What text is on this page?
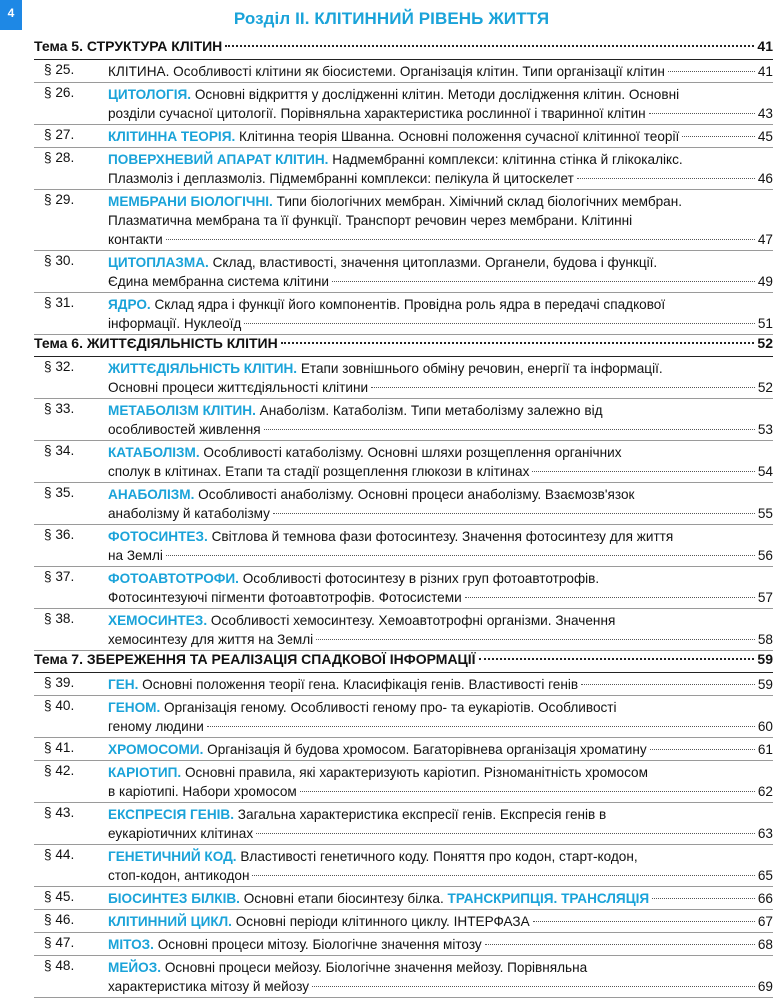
4	Розділ ІІ. КЛІТИННИЙ РІВЕНЬ ЖИТТЯ
Тема 5. СТРУКТУРА КЛІТИН	41
§ 25.	КЛІТИНА. Особливості клітини як біосистеми. Організація клітин. Типи організації клітин	41
§ 26.	ЦИТОЛОГІЯ. Основні відкриття у дослідженні клітин. Методи дослідження клітин. Основні
розділи сучасної цитології. Порівняльна характеристика рослинної і тваринної клітин	43
§ 27.	КЛІТИННА ТЕОРІЯ. Клітинна теорія Шванна. Основні положення сучасної клітинної теорії	45
§ 28.	ПОВЕРХНЕВИЙ АПАРАТ КЛІТИН. Надмембранні комплекси: клітинна стінка й глікокалікс.
Плазмоліз і деплазмоліз. Підмембранні комплекси: пелікула й цитоскелет	46
§ 29.	МЕМБРАНИ БІОЛОГІЧНІ. Типи біологічних мембран. Хімічний склад біологічних мембран.
Плазматична мембрана та її функції. Транспорт речовин через мембрани. Клітинні
контакти	47
§ 30.	ЦИТОПЛАЗМА. Склад, властивості, значення цитоплазми. Органели, будова і функції.
Єдина мембранна система клітини	49
§ 31.	ЯДРО. Склад ядра і функції його компонентів. Провідна роль ядра в передачі спадкової
інформації. Нуклеоїд	51
Тема 6. ЖИТТЄДІЯЛЬНІСТЬ КЛІТИН	52
§ 32.	ЖИТТЄДІЯЛЬНІСТЬ КЛІТИН. Етапи зовнішнього обміну речовин, енергії та інформації.
Основні процеси життєдіяльності клітини	52
§ 33.	МЕТАБОЛІЗМ КЛІТИН. Анаболізм. Катаболізм. Типи метаболізму залежно від
особливостей живлення	53
§ 34.	КАТАБОЛІЗМ. Особливості катаболізму. Основні шляхи розщеплення органічних
сполук в клітинах. Етапи та стадії розщеплення глюкози в клітинах	54
§ 35.	АНАБОЛІЗМ. Особливості анаболізму. Основні процеси анаболізму. Взаємозв'язок
анаболізму й катаболізму	55
§ 36.	ФОТОСИНТЕЗ. Світлова й темнова фази фотосинтезу. Значення фотосинтезу для життя
на Землі	56
§ 37.	ФОТОАВТОТРОФИ. Особливості фотосинтезу в різних груп фотоавтотрофів.
Фотосинтезуючі пігменти фотоавтотрофів. Фотосистеми	57
§ 38.	ХЕМОСИНТЕЗ. Особливості хемосинтезу. Хемоавтотрофні організми. Значення
хемосинтезу для життя на Землі	58
Тема 7. ЗБЕРЕЖЕННЯ ТА РЕАЛІЗАЦІЯ СПАДКОВОЇ ІНФОРМАЦІЇ	59
§ 39.	ГЕН. Основні положення теорії гена. Класифікація генів. Властивості генів	59
§ 40.	ГЕНОМ. Організація геному. Особливості геному про- та еукаріотів. Особливості
геному людини	60
§ 41.	ХРОМОСОМИ. Організація й будова хромосом. Багаторівнева організація хроматину	61
§ 42.	КАРІОТИП. Основні правила, які характеризують каріотип. Різноманітність хромосом
в каріотипі. Набори хромосом	62
§ 43.	ЕКСПРЕСІЯ ГЕНІВ. Загальна характеристика експресії генів. Експресія генів в
еукаріотичних клітинах	63
§ 44.	ГЕНЕТИЧНИЙ КОД. Властивості генетичного коду. Поняття про кодон, старт-кодон,
стоп-кодон, антикодон	65
§ 45.	БІОСИНТЕЗ БІЛКІВ. Основні етапи біосинтезу білка. ТРАНСКРИПЦІЯ. ТРАНСЛЯЦІЯ	66
§ 46.	КЛІТИННИЙ ЦИКЛ. Основні періоди клітинного циклу. ІНТЕРФАЗА	67
§ 47.	МІТОЗ. Основні процеси мітозу. Біологічне значення мітозу	68
§ 48.	МЕЙОЗ. Основні процеси мейозу. Біологічне значення мейозу. Порівняльна
характеристика мітозу й мейозу	69
